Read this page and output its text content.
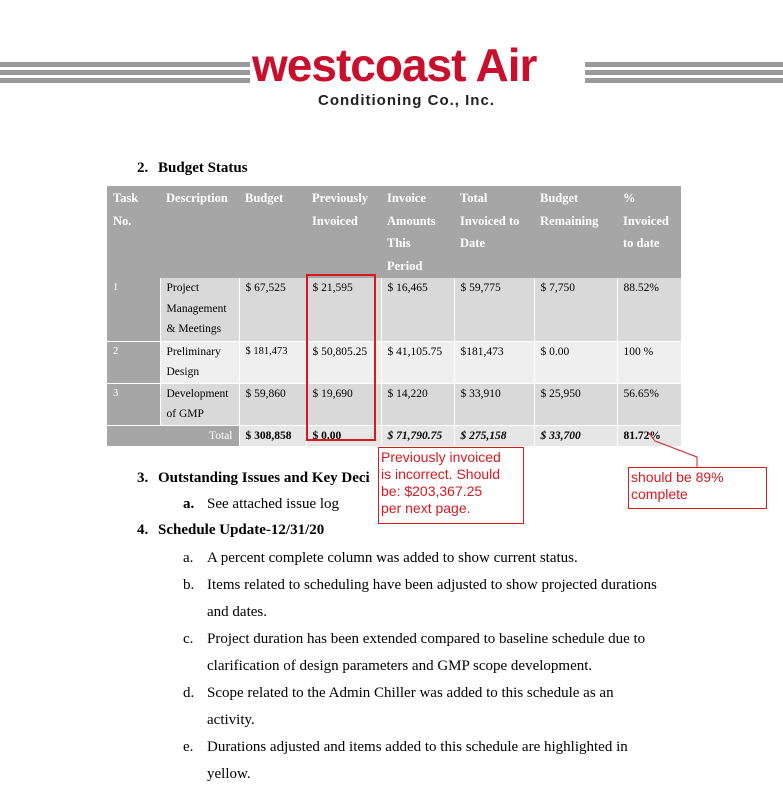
westcoast Air
Conditioning Co., Inc.
2. Budget Status
Task No.	Description	Budget	Previously Invoiced	Invoice Amounts This Period	Total Invoiced to Date	Budget Remaining	% Invoiced to date
1	Project Management & Meetings	$ 67,525	$ 21,595	$ 16,465	$ 59,775	$ 7,750	88.52%
2	Preliminary Design	$ 181,473	$ 50,805.25	$ 41,105.75	$181,473	$ 0.00	100 %
3	Development of GMP	$ 59,860	$ 19,690	$ 14,220	$ 33,910	$ 25,950	56.65%
Total		$ 308,858	$ 0.00	$ 71,790.75	$ 275,158	$ 33,700	81.72%
Previously invoiced
is incorrect. Should
be: $203,367.25
per next page.
should be 89%
complete
3. Outstanding Issues and Key Deci
a. See attached issue log
4. Schedule Update-12/31/20
a. A percent complete column was added to show current status.
b. Items related to scheduling have been adjusted to show projected durations
and dates.
c. Project duration has been extended compared to baseline schedule due to
clarification of design parameters and GMP scope development.
d. Scope related to the Admin Chiller was added to this schedule as an
activity.
e. Durations adjusted and items added to this schedule are highlighted in
yellow.
